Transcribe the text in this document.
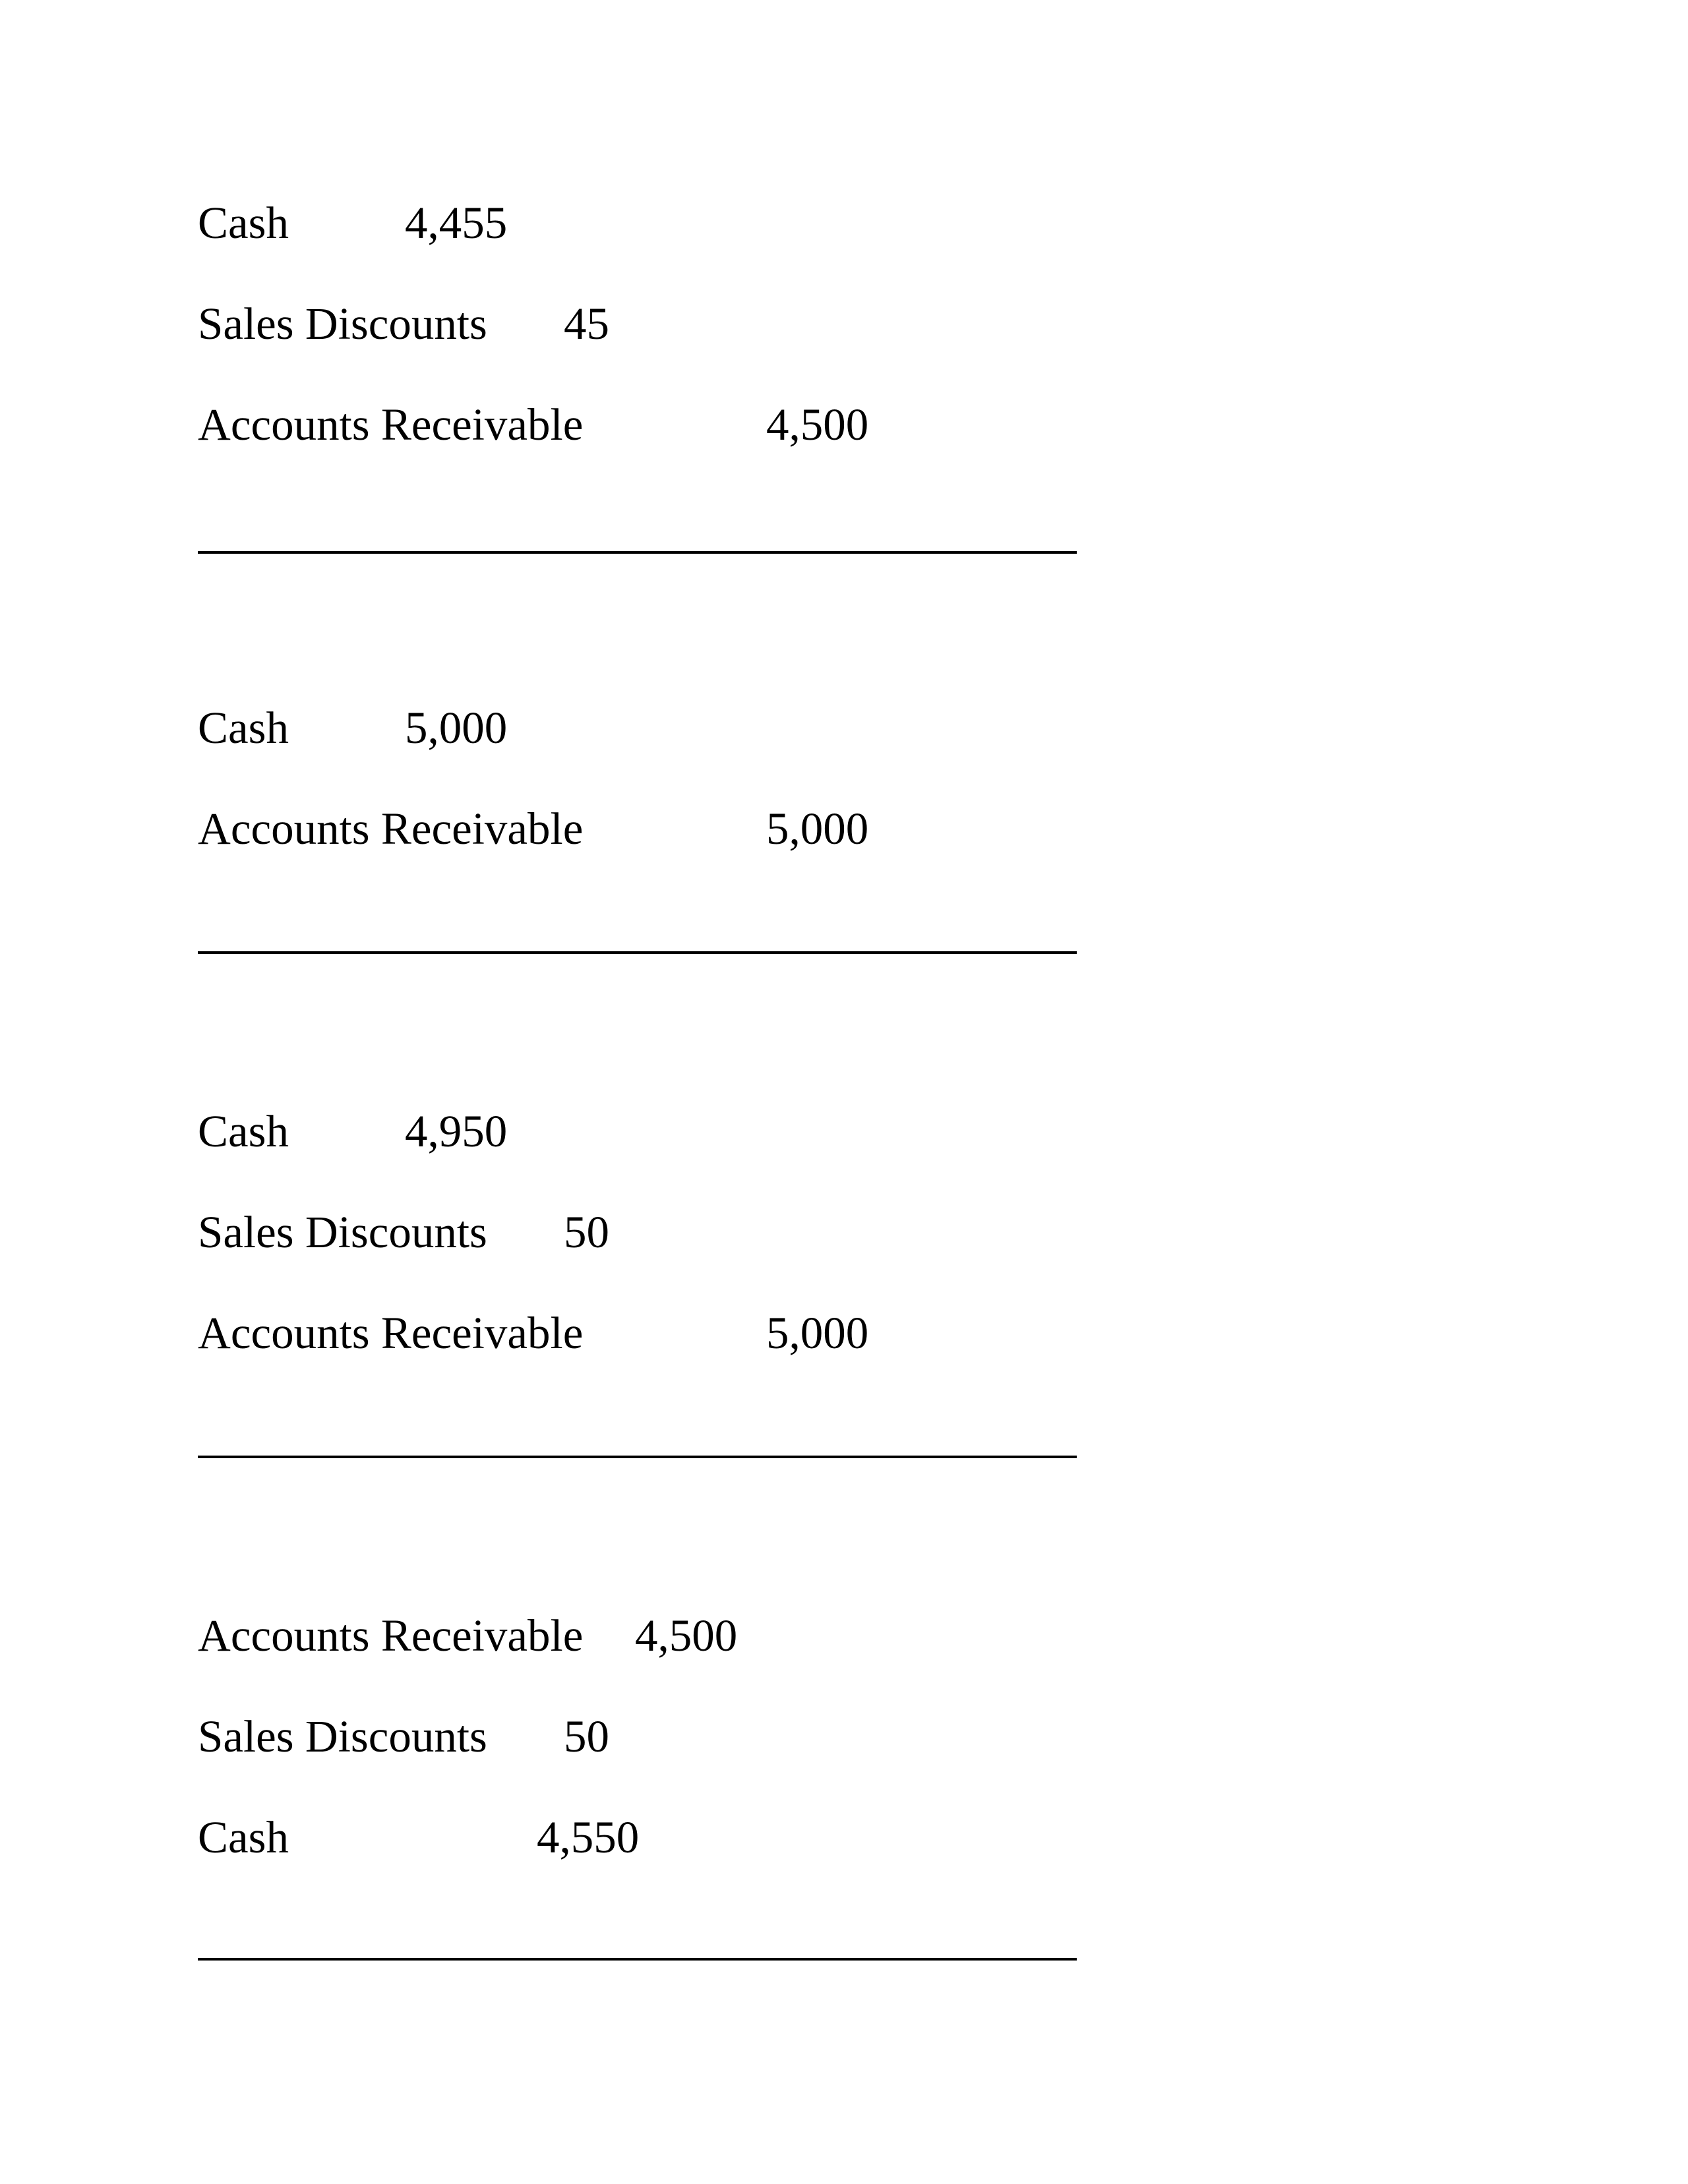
Cash	4,455
Sales Discounts 45
Accounts Receivable	4,500
Cash	5,000
Accounts Receivable	5,000
Cash	4,950
Sales Discounts 50
Accounts Receivable	5,000
Accounts Receivable 4,500
Sales Discounts 50
Cash	4,550
